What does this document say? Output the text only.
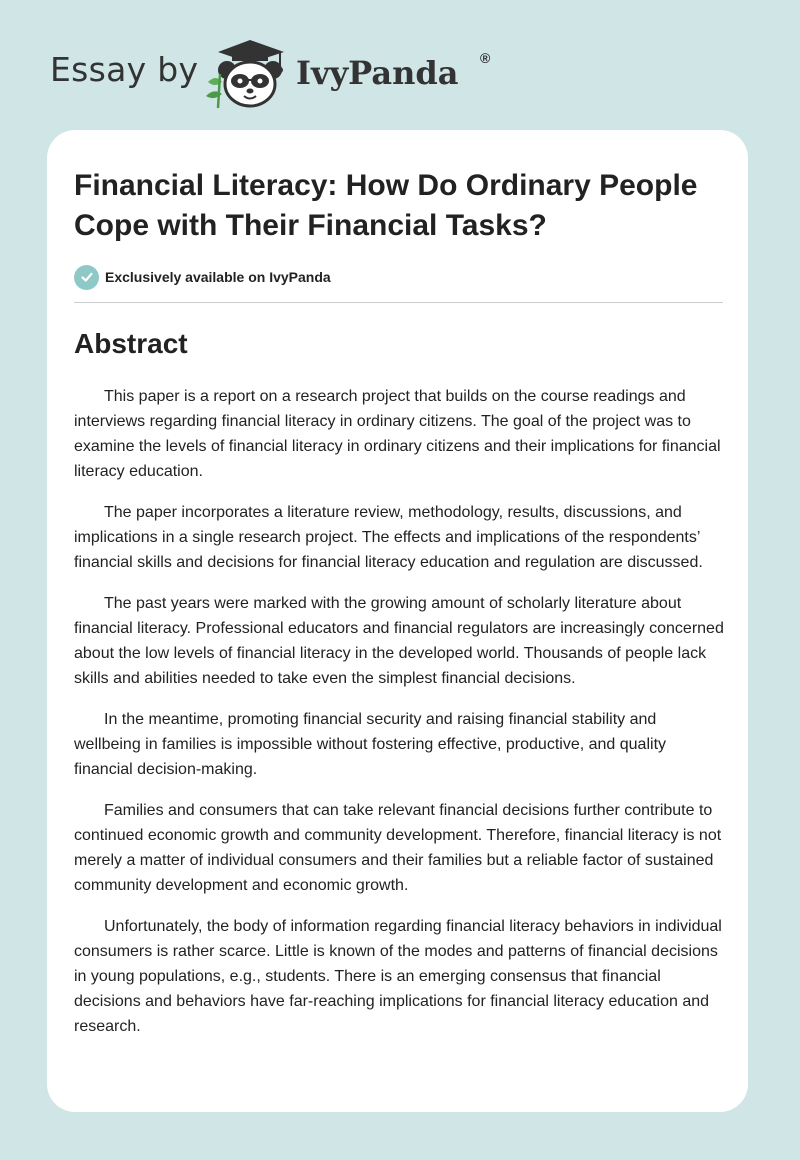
Essay by	IvyPanda ®
Financial Literacy: How Do Ordinary People Cope with Their Financial Tasks?
Exclusively available on IvyPanda
Abstract

This paper is a report on a research project that builds on the course readings and interviews regarding financial literacy in ordinary citizens. The goal of the project was to examine the levels of financial literacy in ordinary citizens and their implications for financial literacy education.

The paper incorporates a literature review, methodology, results, discussions, and implications in a single research project. The effects and implications of the respondents’ financial skills and decisions for financial literacy education and regulation are discussed.

The past years were marked with the growing amount of scholarly literature about financial literacy. Professional educators and financial regulators are increasingly concerned about the low levels of financial literacy in the developed world. Thousands of people lack skills and abilities needed to take even the simplest financial decisions.

In the meantime, promoting financial security and raising financial stability and wellbeing in families is impossible without fostering effective, productive, and quality financial decision-making.

Families and consumers that can take relevant financial decisions further contribute to continued economic growth and community development. Therefore, financial literacy is not merely a matter of individual consumers and their families but a reliable factor of sustained community development and economic growth.

Unfortunately, the body of information regarding financial literacy behaviors in individual consumers is rather scarce. Little is known of the modes and patterns of financial decisions in young populations, e.g., students. There is an emerging consensus that financial decisions and behaviors have far-reaching implications for financial literacy education and research.
